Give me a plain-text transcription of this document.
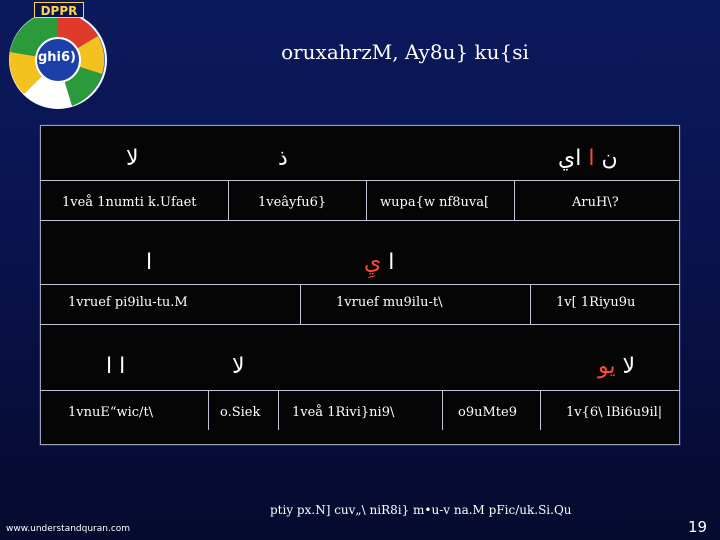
DPPR
ghi6)	oruxahrzM, Ay8u} ku{si
لا	ذ	ن ا اي
1veå 1numti k.Ufaet	1veâyfu6}	wupa{w nf8uva[	AruH\?
ا	ا يِ
1vruef pi9ilu-tu.M	1vruef mu9ilu-t\	1v[ 1Riyu9u
ا ا	لا	لا يو
1vnuE“wic/t\	o.Siek 1veå 1Rivi}ni9\	o9uMte9	1v{6\ lBi6u9il|
ptiy px.N] cuv„\ niR8i} m•u-v na.M pFic/uk.Si.Qu
www.understandquran.com	19
